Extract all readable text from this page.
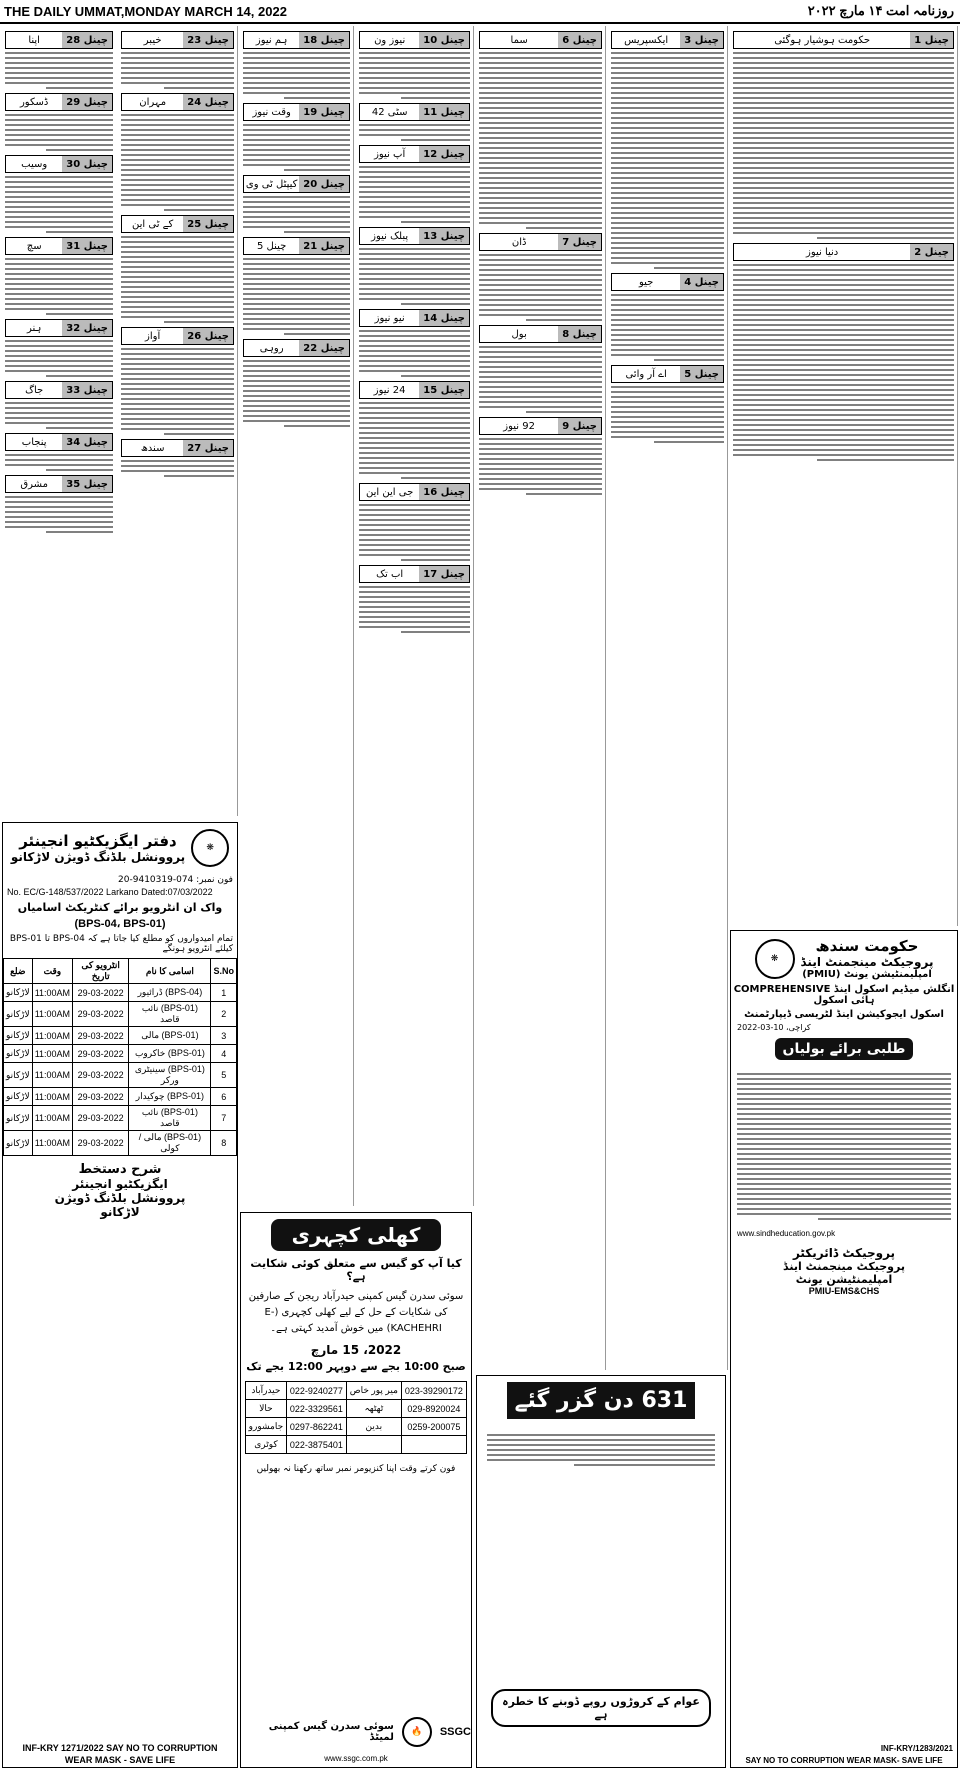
THE DAILY UMMAT,MONDAY MARCH 14, 2022	روزنامہ امت ۱۴ مارچ ۲۰۲۲
چینل 1
حکومت ہوشیار ہوگئی
چینل 2
دنیا نیوز
چینل 3
ایکسپریس
چینل 4
جیو
چینل 5
اے آر وائی
چینل 6
سما
چینل 7
ڈان
چینل 8
بول
چینل 9
92 نیوز
چینل 10
نیوز ون
چینل 11
سٹی 42
چینل 12
آپ نیوز
چینل 13
پبلک نیوز
چینل 14
نیو نیوز
چینل 15
24 نیوز
چینل 16
جی این این
چینل 17
اب تک
چینل 18
ہم نیوز
چینل 19
وقت نیوز
چینل 20
کیپٹل ٹی وی
چینل 21
چینل 5
چینل 22
روہی
چینل 23
خیبر
چینل 24
مہران
چینل 25
کے ٹی این
چینل 26
آواز
چینل 27
سندھ
چینل 28
اپنا
چینل 29
ڈسکور
چینل 30
وسیب
چینل 31
سچ
چینل 32
ہنر
چینل 33
جاگ
چینل 34
پنجاب
چینل 35
مشرق
دفتر ایگزیکٹیو انجینئر
پروونشل بلڈنگ ڈویژن لاڑکانو
❋
فون نمبر: 074-9410319-20
No. EC/G-148/537/2022 Larkano Dated:07/03/2022
واک ان انٹرویو برائے کنٹریکٹ اسامیاں
(BPS-04، BPS-01)
تمام امیدواروں کو مطلع کیا جاتا ہے کہ BPS-04 تا BPS-01 کیلئے انٹرویو ہونگے
S.No	اسامی کا نام	انٹرویو کی تاریخ	وقت	ضلع
1	(BPS-04) ڈرائیور	29-03-2022	11:00AM	لاڑکانو
2	(BPS-01) نائب قاصد	29-03-2022	11:00AM	لاڑکانو
3	(BPS-01) مالی	29-03-2022	11:00AM	لاڑکانو
4	(BPS-01) خاکروب	29-03-2022	11:00AM	لاڑکانو
5	(BPS-01) سینیٹری ورکر	29-03-2022	11:00AM	لاڑکانو
6	(BPS-01) چوکیدار	29-03-2022	11:00AM	لاڑکانو
7	(BPS-01) نائب قاصد	29-03-2022	11:00AM	لاڑکانو
8	(BPS-01) مالی / کولی	29-03-2022	11:00AM	لاڑکانو
شرح دستخط
ایگزیکٹیو انجینئر
پروونشل بلڈنگ ڈویژن
لاڑکانو
INF-KRY 1271/2022 SAY NO TO CORRUPTION
WEAR MASK - SAVE LIFE
کھلی کچہری
کیا آپ کو گیس سے متعلق کوئی شکایت ہے؟
سوئی سدرن گیس کمپنی حیدرآباد ریجن کے صارفین کی شکایات کے حل کے لیے کھلی کچہری (E-KACHEHRI) میں خوش آمدید کہتی ہے۔
2022، 15 مارچ
صبح 10:00 بجے سے دوپہر 12:00 بجے تک
023-39290172	میر پور خاص	022-9240277	حیدرآباد
029-8920024	ٹھٹھہ	022-3329561	حالا
0259-200075	بدین	0297-862241	جامشورو
		022-3875401	کوٹری
فون کرتے وقت اپنا کنزیومر نمبر ساتھ رکھنا نہ بھولیں
سوئی سدرن گیس کمپنی لمیٹڈ	🔥	SSGC
www.ssgc.com.pk
631 دن گزر گئے
عوام کے کروڑوں روپے ڈوبنے کا خطرہ ہے
❋
حکومت سندھ
پروجیکٹ مینجمنٹ اینڈ
امپلیمنٹیشن یونٹ (PMIU)
انگلش میڈیم اسکول اینڈ COMPREHENSIVE ہائی اسکول
اسکول ایجوکیشن اینڈ لٹریسی ڈیپارٹمنٹ
کراچی، 10-03-2022
طلبی برائے بولیاں
www.sindheducation.gov.pk
پروجیکٹ ڈائریکٹر
پروجیکٹ مینجمنٹ اینڈ
امپلیمنٹیشن یونٹ
PMIU-EMS&CHS
INF-KRY/1283/2021
SAY NO TO CORRUPTION WEAR MASK- SAVE LIFE
